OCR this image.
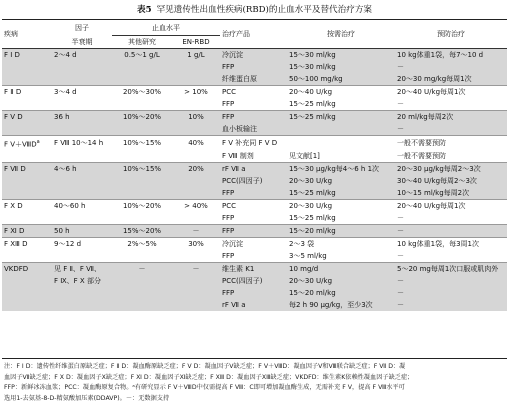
表5 罕见遗传性出血性疾病(RBD)的止血水平及替代治疗方案
疾病	因子	止血水平		治疗产品	按需治疗	预防治疗
	半衰期	其他研究	EN-RBD			
F Ⅰ D	2～4 d	0.5～1 g/L	1 g/L	冷沉淀	15～30 ml/kg	10 kg体重1袋，每7～10 d
				FFP	15～30 ml/kg	－
				纤维蛋白原	50～100 mg/kg	20～30 mg/kg每周1次
F Ⅱ D	3～4 d	20%～30%	> 10%	PCC	20～40 U/kg	20～40 U/kg每周1次
				FFP	15～25 ml/kg	－
F Ⅴ D	36 h	10%～20%	10%	FFP	15～25 ml/kg	20 ml/kg每周2次
				血小板输注		－
F $Ⅴ+ⅧD^a$	F Ⅷ 10～14 h	10%～15%	40%	F Ⅴ 补充同 F Ⅴ D		一般不需要预防
				F Ⅷ 制剂	见文献[1]	一般不需要预防
F Ⅶ D	4～6 h	10%～15%	20%	rF Ⅶ a	15～30 μg/kg每4～6 h 1次	20～30 μg/kg每周2～3次
				PCC(四因子)	20～30 U/kg	30～40 U/kg每周2～3次
				FFP	15～25 ml/kg	10～15 ml/kg每周2次
F Ⅹ D	40～60 h	10%～20%	> 40%	PCC	20～30 U/kg	20～40 U/kg每周1次
				FFP	15～25 ml/kg	－
F Ⅺ D	50 h	15%～20%	－	FFP	15～20 ml/kg	－
F ⅩⅢ D	9～12 d	2%～5%	30%	冷沉淀	2～3 袋	10 kg体重1袋，每3周1次
				FFP	3～5 ml/kg	－
VKDFD	见 F Ⅱ、F Ⅶ、	－	－	维生素 K1	10 mg/d	5～20 mg每周1次口服或肌肉外
	F Ⅸ、F Ⅹ 部分			PCC(四因子)	20～30 U/kg	－
				FFP	15～20 ml/kg	－
				rF Ⅶ a	每2 h 90 μg/kg，至少3次	－
注：F Ⅰ D：遗传性纤维蛋白原缺乏症；F Ⅱ D：凝血酶原缺乏症；F Ⅴ D：凝血因子Ⅴ缺乏症；F Ⅴ＋ⅧD：凝血因子Ⅴ和Ⅷ联合缺乏症；F Ⅶ D：凝
血因子Ⅶ缺乏症；F Ⅹ D：凝血因子Ⅹ缺乏症；F Ⅺ D：凝血因子Ⅺ缺乏症；F ⅩⅢ D：凝血因子ⅩⅢ缺乏症；VKDFD：维生素K依赖性凝血因子缺乏症；
FFP：新鲜冰冻血浆；PCC：凝血酶原复合物。ᵃ有研究显示 F Ⅴ＋ⅧD中仅需提高 F Ⅷ：C即可增加凝血酶生成，无需补充 F Ⅴ，提高 F Ⅷ水平可
选用1-去氨基-8-D-精氨酸加压素(DDAVP)。－：无数据支持
